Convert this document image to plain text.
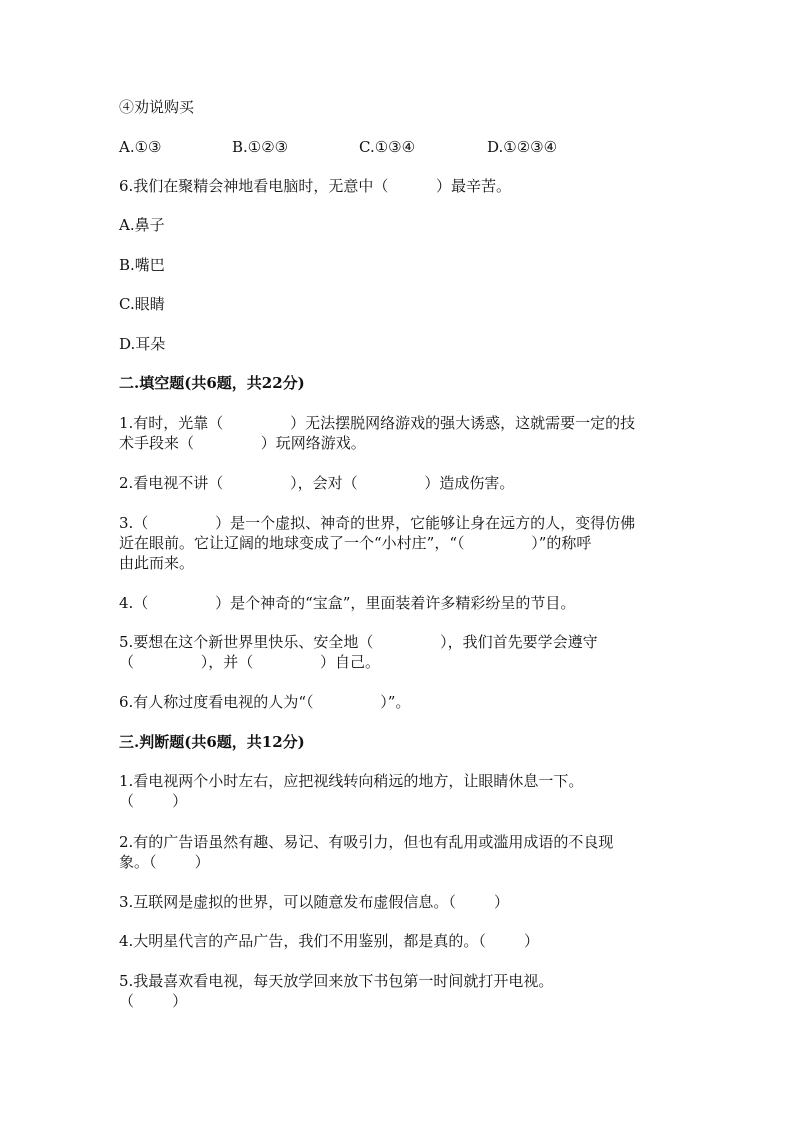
④劝说购买
A.①③	B.①②③	C.①③④	D.①②③④
6.我们在聚精会神地看电脑时，无意中（          ）最辛苦。
A.鼻子
B.嘴巴
C.眼睛
D.耳朵
二.填空题(共6题，共22分)
1.有时，光靠（              ）无法摆脱网络游戏的强大诱惑，这就需要一定的技
术手段来（              ）玩网络游戏。
2.看电视不讲（              ），会对（              ）造成伤害。
3.（              ）是一个虚拟、神奇的世界，它能够让身在远方的人，变得仿佛
近在眼前。它让辽阔的地球变成了一个“小村庄”，“（              ）”的称呼
由此而来。
4.（              ）是个神奇的“宝盒”，里面装着许多精彩纷呈的节目。
5.要想在这个新世界里快乐、安全地（              ），我们首先要学会遵守
（              ），并（              ）自己。
6.有人称过度看电视的人为“（              ）”。
三.判断题(共6题，共12分)
1.看电视两个小时左右，应把视线转向稍远的地方，让眼睛休息一下。
（        ）
2.有的广告语虽然有趣、易记、有吸引力，但也有乱用或滥用成语的不良现
象。（        ）
3.互联网是虚拟的世界，可以随意发布虚假信息。（        ）
4.大明星代言的产品广告，我们不用鉴别，都是真的。（        ）
5.我最喜欢看电视，每天放学回来放下书包第一时间就打开电视。
（        ）
